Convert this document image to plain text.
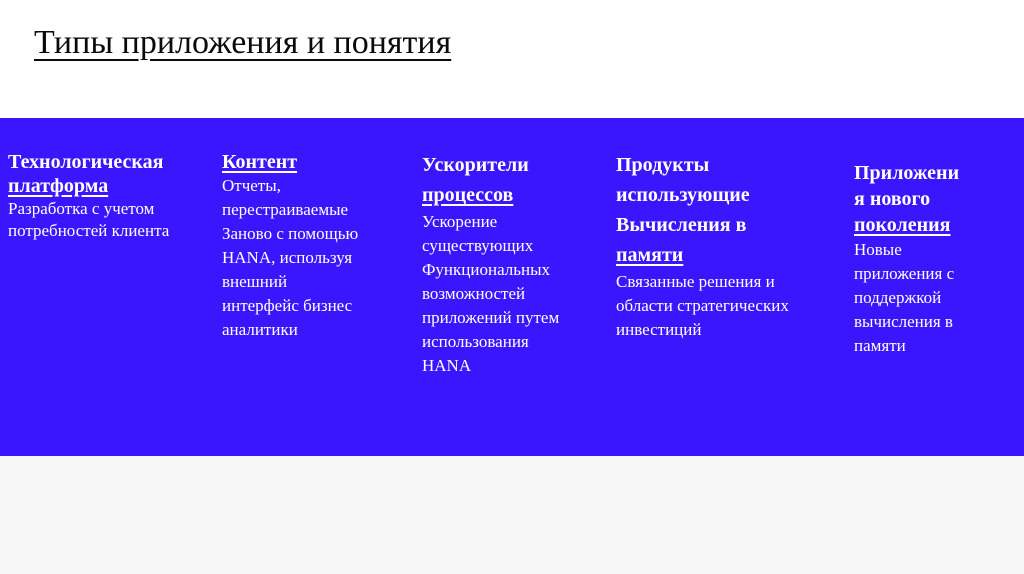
Типы приложения и понятия

Технологическая
платформа

Разработка с учетом
потребностей клиента

Контент

Отчеты,
перестраиваемые
Заново с помощью
HANA, используя
внешний
интерфейс бизнес
аналитики

Ускорители
процессов

Ускорение
существующих
Функциональных
возможностей
приложений путем
использования
HANA

Продукты
использующие
Вычисления в
памяти

Связанные решения и
области стратегических
инвестиций

Приложени
я нового
поколения

Новые
приложения с
поддержкой
вычисления в
памяти
